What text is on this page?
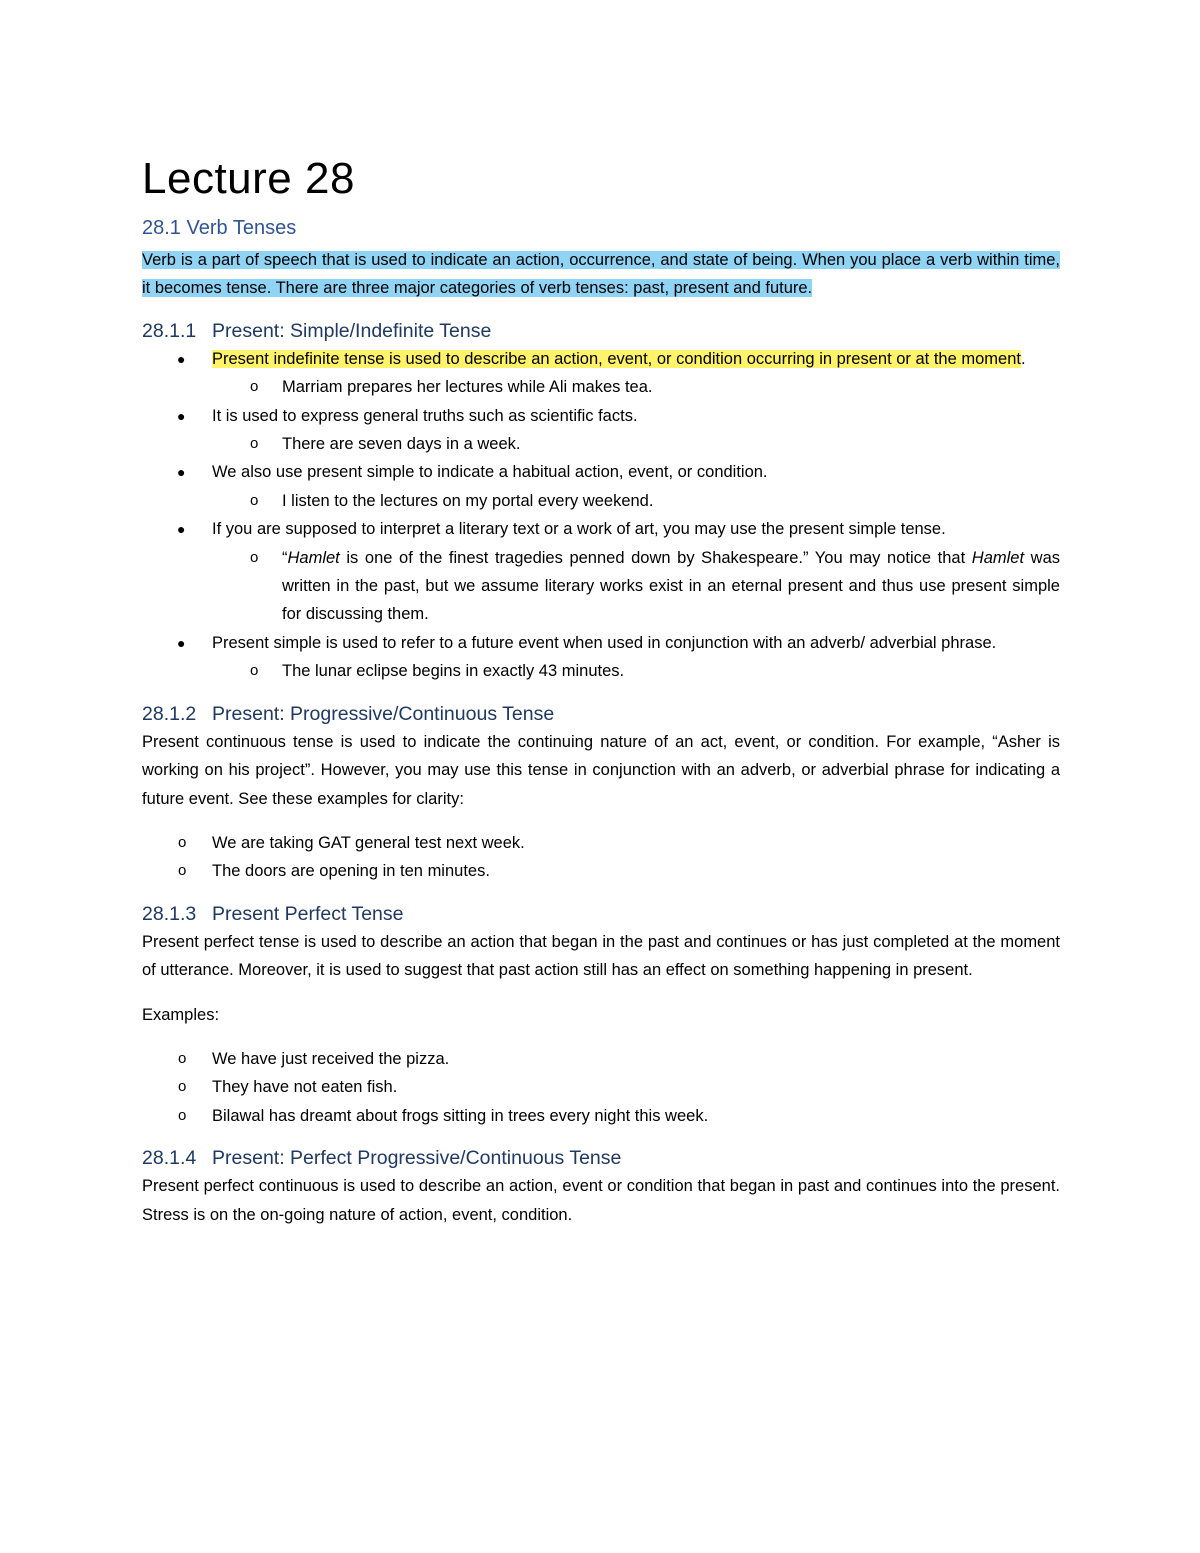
Lecture 28
28.1 Verb Tenses

Verb is a part of speech that is used to indicate an action, occurrence, and state of being. When you place a verb within time, it becomes tense. There are three major categories of verb tenses: past, present and future.

28.1.1 Present: Simple/Indefinite Tense
●	Present indefinite tense is used to describe an action, event, or condition occurring in present or at the moment.
o Marriam prepares her lectures while Ali makes tea.
●	It is used to express general truths such as scientific facts.
o There are seven days in a week.
●	We also use present simple to indicate a habitual action, event, or condition.
o I listen to the lectures on my portal every weekend.
●	If you are supposed to interpret a literary text or a work of art, you may use the present simple tense.
o “Hamlet is one of the finest tragedies penned down by Shakespeare.” You may notice that Hamlet was written in the past, but we assume literary works exist in an eternal present and thus use present simple for discussing them.
●	Present simple is used to refer to a future event when used in conjunction with an adverb/ adverbial phrase.
o The lunar eclipse begins in exactly 43 minutes.
28.1.2 Present: Progressive/Continuous Tense

Present continuous tense is used to indicate the continuing nature of an act, event, or condition. For example, “Asher is working on his project”. However, you may use this tense in conjunction with an adverb, or adverbial phrase for indicating a future event. See these examples for clarity:

o We are taking GAT general test next week.
o The doors are opening in ten minutes.
28.1.3 Present Perfect Tense

Present perfect tense is used to describe an action that began in the past and continues or has just completed at the moment of utterance. Moreover, it is used to suggest that past action still has an effect on something happening in present.

Examples:

o We have just received the pizza.
o They have not eaten fish.
o Bilawal has dreamt about frogs sitting in trees every night this week.
28.1.4 Present: Perfect Progressive/Continuous Tense

Present perfect continuous is used to describe an action, event or condition that began in past and continues into the present. Stress is on the on-going nature of action, event, condition.
